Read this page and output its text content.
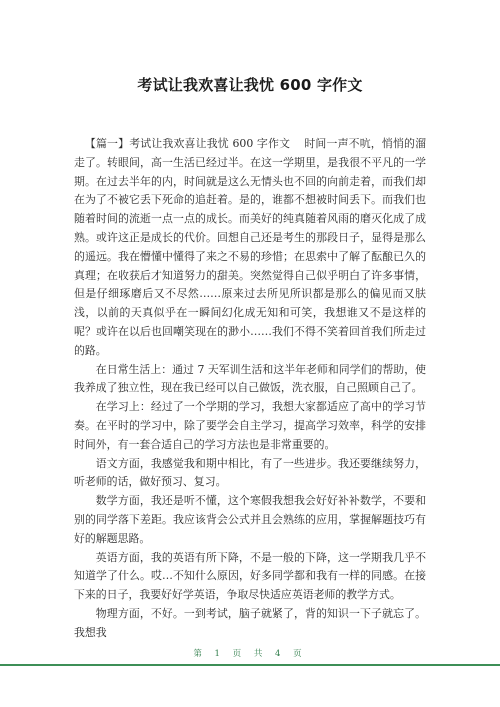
考试让我欢喜让我忧 600 字作文

【篇一】考试让我欢喜让我忧 600 字作文 时间一声不吭，悄悄的溜走了。转眼间，高一生活已经过半。在这一学期里，是我很不平凡的一学期。在过去半年的内，时间就是这么无情头也不回的向前走着，而我们却在为了不被它丢下死命的追赶着。是的，谁都不想被时间丢下。而我们也随着时间的流逝一点一点的成长。而美好的纯真随着风雨的磨灭化成了成熟。或许这正是成长的代价。回想自己还是考生的那段日子，显得是那么的遥远。我在懵懂中懂得了来之不易的珍惜；在思索中了解了酝酿已久的真理；在收获后才知道努力的甜美。突然觉得自己似乎明白了许多事情，但是仔细琢磨后又不尽然……原来过去所见所识都是那么的偏见而又肤浅，以前的天真似乎在一瞬间幻化成无知和可笑，我想谁又不是这样的呢？或许在以后也回嘲笑现在的渺小……我们不得不笑着回首我们所走过的路。

在日常生活上：通过 7 天军训生活和这半年老师和同学们的帮助，使我养成了独立性，现在我已经可以自己做饭，洗衣服，自己照顾自己了。

在学习上：经过了一个学期的学习，我想大家都适应了高中的学习节奏。在平时的学习中，除了要学会自主学习，提高学习效率，科学的安排时间外，有一套合适自己的学习方法也是非常重要的。

语文方面，我感觉我和期中相比，有了一些进步。我还要继续努力，听老师的话，做好预习、复习。

数学方面，我还是听不懂，这个寒假我想我会好好补补数学，不要和别的同学落下差距。我应该背会公式并且会熟练的应用，掌握解题技巧有好的解题思路。

英语方面，我的英语有所下降，不是一般的下降，这一学期我几乎不知道学了什么。哎…不知什么原因，好多同学都和我有一样的同感。在接下来的日子，我要好好学英语，争取尽快适应英语老师的教学方式。

物理方面，不好。一到考试，脑子就紧了，背的知识一下子就忘了。我想我

第 1 页 共 4 页
